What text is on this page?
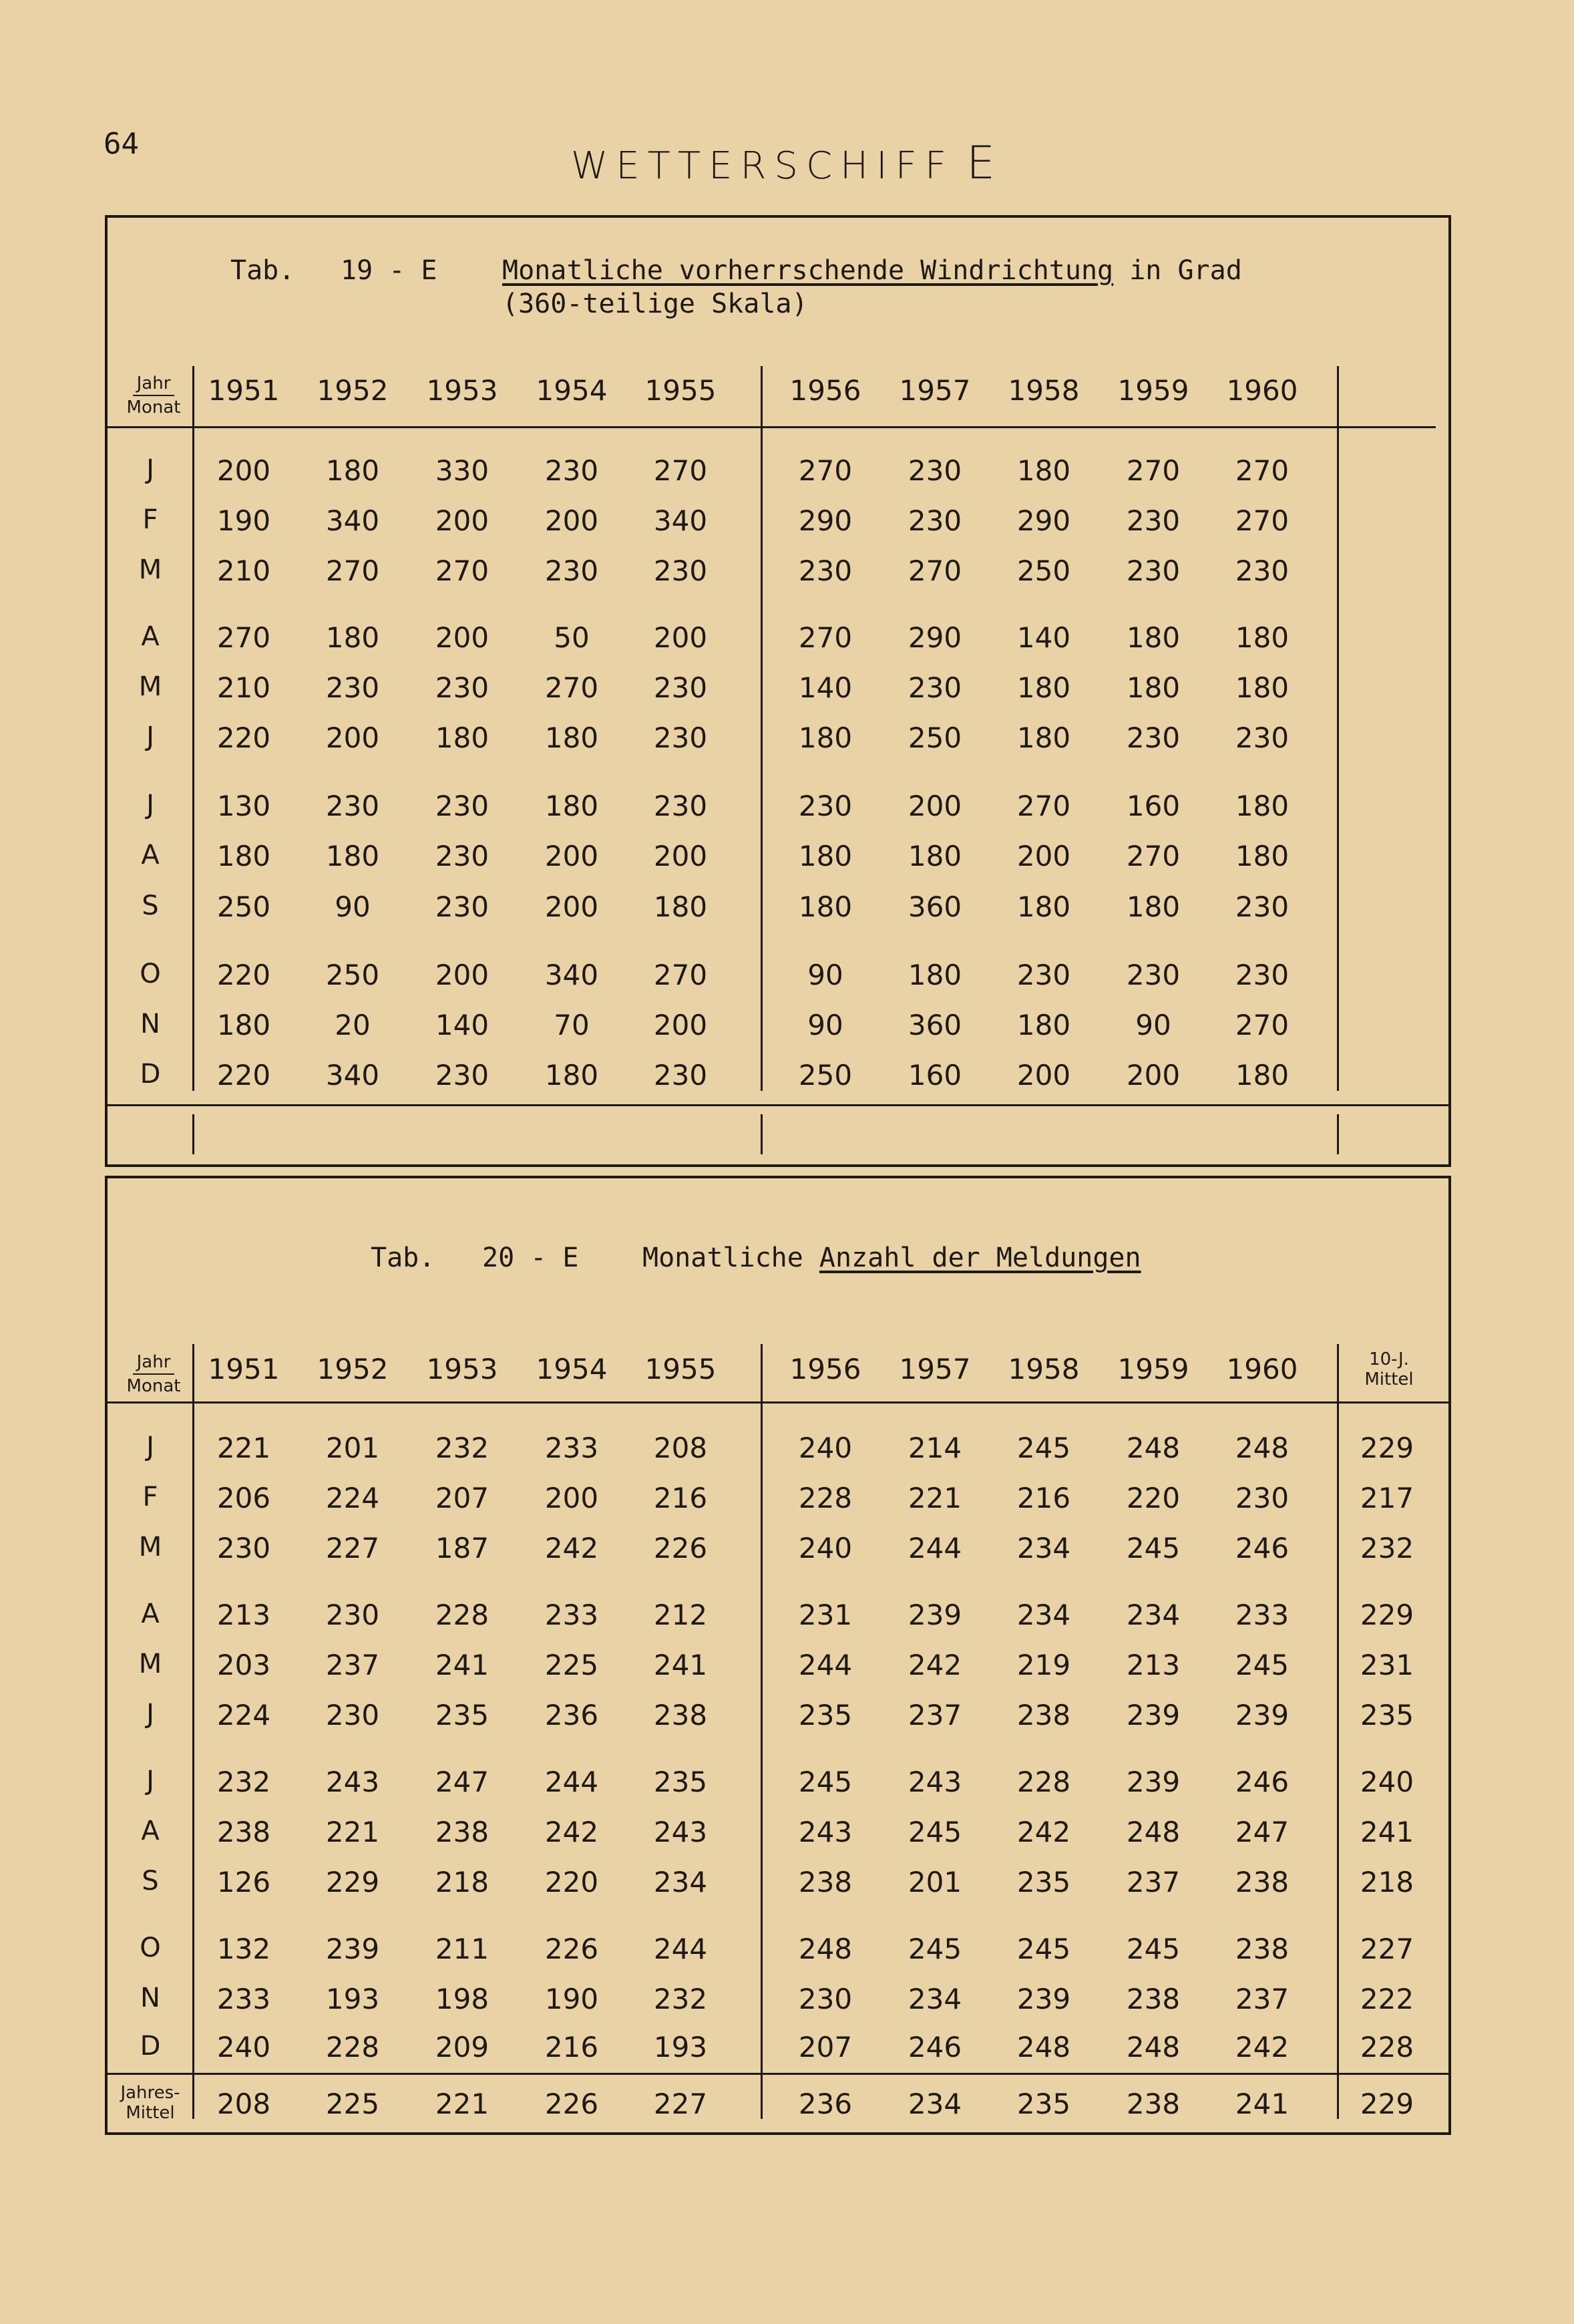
64
WETTERSCHIFF E
Tab. 19 - E Monatliche vorherrschende Windrichtung in Grad
(360-teilige Skala)
Jahr
Monat
1951	1952	1953	1954	1955	1956	1957	1958	1959	1960
J	200	180	330	230	270	270	230	180	270	270
F	190	340	200	200	340	290	230	290	230	270
M	210	270	270	230	230	230	270	250	230	230
A	270	180	200	50	200	270	290	140	180	180
M	210	230	230	270	230	140	230	180	180	180
J	220	200	180	180	230	180	250	180	230	230
J	130	230	230	180	230	230	200	270	160	180
A	180	180	230	200	200	180	180	200	270	180
S	250	90	230	200	180	180	360	180	180	230
O	220	250	200	340	270	90	180	230	230	230
N	180	20	140	70	200	90	360	180	90	270
D	220	340	230	180	230	250	160	200	200	180
Tab. 20 - E Monatliche Anzahl der Meldungen
Jahr
Monat
1951	1952	1953	1954	1955	1956	1957	1958	1959	1960	10-J.
Mittel
J	221	201	232	233	208	240	214	245	248	248	229
F	206	224	207	200	216	228	221	216	220	230	217
M	230	227	187	242	226	240	244	234	245	246	232
A	213	230	228	233	212	231	239	234	234	233	229
M	203	237	241	225	241	244	242	219	213	245	231
J	224	230	235	236	238	235	237	238	239	239	235
J	232	243	247	244	235	245	243	228	239	246	240
A	238	221	238	242	243	243	245	242	248	247	241
S	126	229	218	220	234	238	201	235	237	238	218
O	132	239	211	226	244	248	245	245	245	238	227
N	233	193	198	190	232	230	234	239	238	237	222
D	240	228	209	216	193	207	246	248	248	242	228
Jahres-
Mittel	208	225	221	226	227	236	234	235	238	241	229
